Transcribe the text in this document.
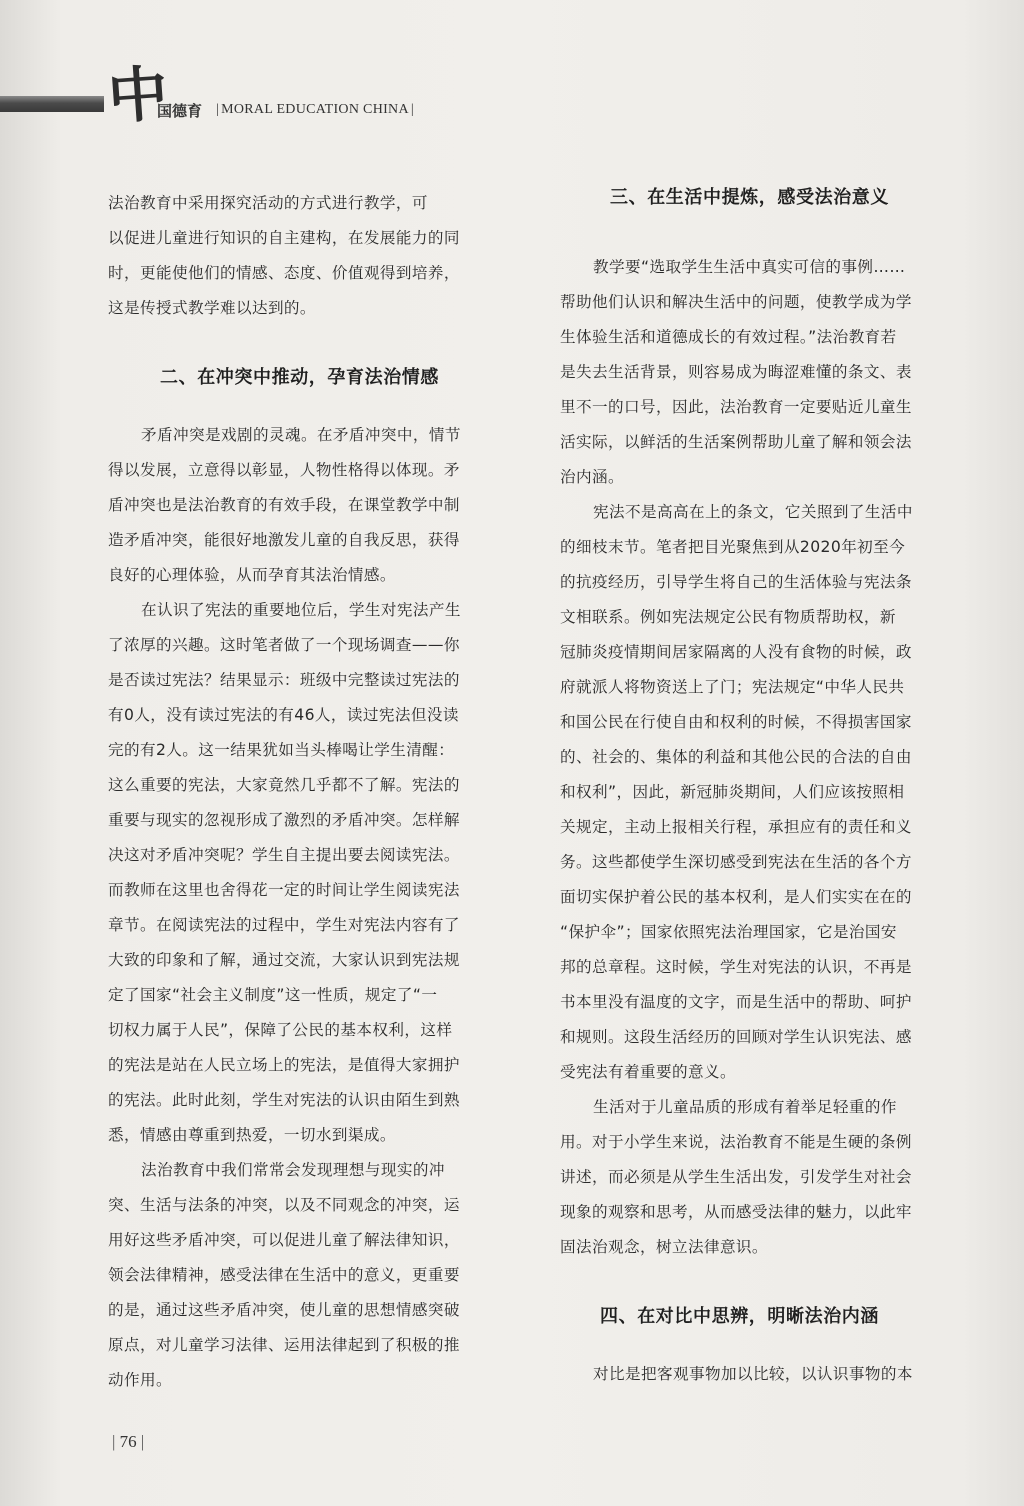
中
国德育 | MORAL EDUCATION CHINA |
法治教育中采用探究活动的方式进行教学，可
以促进儿童进行知识的自主建构，在发展能力的同
时，更能使他们的情感、态度、价值观得到培养，
这是传授式教学难以达到的。
二、在冲突中推动，孕育法治情感
矛盾冲突是戏剧的灵魂。在矛盾冲突中，情节
得以发展，立意得以彰显，人物性格得以体现。矛
盾冲突也是法治教育的有效手段，在课堂教学中制
造矛盾冲突，能很好地激发儿童的自我反思，获得
良好的心理体验，从而孕育其法治情感。
在认识了宪法的重要地位后，学生对宪法产生
了浓厚的兴趣。这时笔者做了一个现场调查——你
是否读过宪法？结果显示：班级中完整读过宪法的
有0人，没有读过宪法的有46人，读过宪法但没读
完的有2人。这一结果犹如当头棒喝让学生清醒：
这么重要的宪法，大家竟然几乎都不了解。宪法的
重要与现实的忽视形成了激烈的矛盾冲突。怎样解
决这对矛盾冲突呢？学生自主提出要去阅读宪法。
而教师在这里也舍得花一定的时间让学生阅读宪法
章节。在阅读宪法的过程中，学生对宪法内容有了
大致的印象和了解，通过交流，大家认识到宪法规
定了国家“社会主义制度”这一性质，规定了“一
切权力属于人民”，保障了公民的基本权利，这样
的宪法是站在人民立场上的宪法，是值得大家拥护
的宪法。此时此刻，学生对宪法的认识由陌生到熟
悉，情感由尊重到热爱，一切水到渠成。
法治教育中我们常常会发现理想与现实的冲
突、生活与法条的冲突，以及不同观念的冲突，运
用好这些矛盾冲突，可以促进儿童了解法律知识，
领会法律精神，感受法律在生活中的意义，更重要
的是，通过这些矛盾冲突，使儿童的思想情感突破
原点，对儿童学习法律、运用法律起到了积极的推
动作用。
三、在生活中提炼，感受法治意义
教学要“选取学生生活中真实可信的事例……
帮助他们认识和解决生活中的问题，使教学成为学
生体验生活和道德成长的有效过程。”法治教育若
是失去生活背景，则容易成为晦涩难懂的条文、表
里不一的口号，因此，法治教育一定要贴近儿童生
活实际，以鲜活的生活案例帮助儿童了解和领会法
治内涵。
宪法不是高高在上的条文，它关照到了生活中
的细枝末节。笔者把目光聚焦到从2020年初至今
的抗疫经历，引导学生将自己的生活体验与宪法条
文相联系。例如宪法规定公民有物质帮助权，新
冠肺炎疫情期间居家隔离的人没有食物的时候，政
府就派人将物资送上了门；宪法规定“中华人民共
和国公民在行使自由和权利的时候，不得损害国家
的、社会的、集体的利益和其他公民的合法的自由
和权利”，因此，新冠肺炎期间，人们应该按照相
关规定，主动上报相关行程，承担应有的责任和义
务。这些都使学生深切感受到宪法在生活的各个方
面切实保护着公民的基本权利，是人们实实在在的
“保护伞”；国家依照宪法治理国家，它是治国安
邦的总章程。这时候，学生对宪法的认识，不再是
书本里没有温度的文字，而是生活中的帮助、呵护
和规则。这段生活经历的回顾对学生认识宪法、感
受宪法有着重要的意义。
生活对于儿童品质的形成有着举足轻重的作
用。对于小学生来说，法治教育不能是生硬的条例
讲述，而必须是从学生生活出发，引发学生对社会
现象的观察和思考，从而感受法律的魅力，以此牢
固法治观念，树立法律意识。
四、在对比中思辨，明晰法治内涵
对比是把客观事物加以比较，以认识事物的本
| 76 |
